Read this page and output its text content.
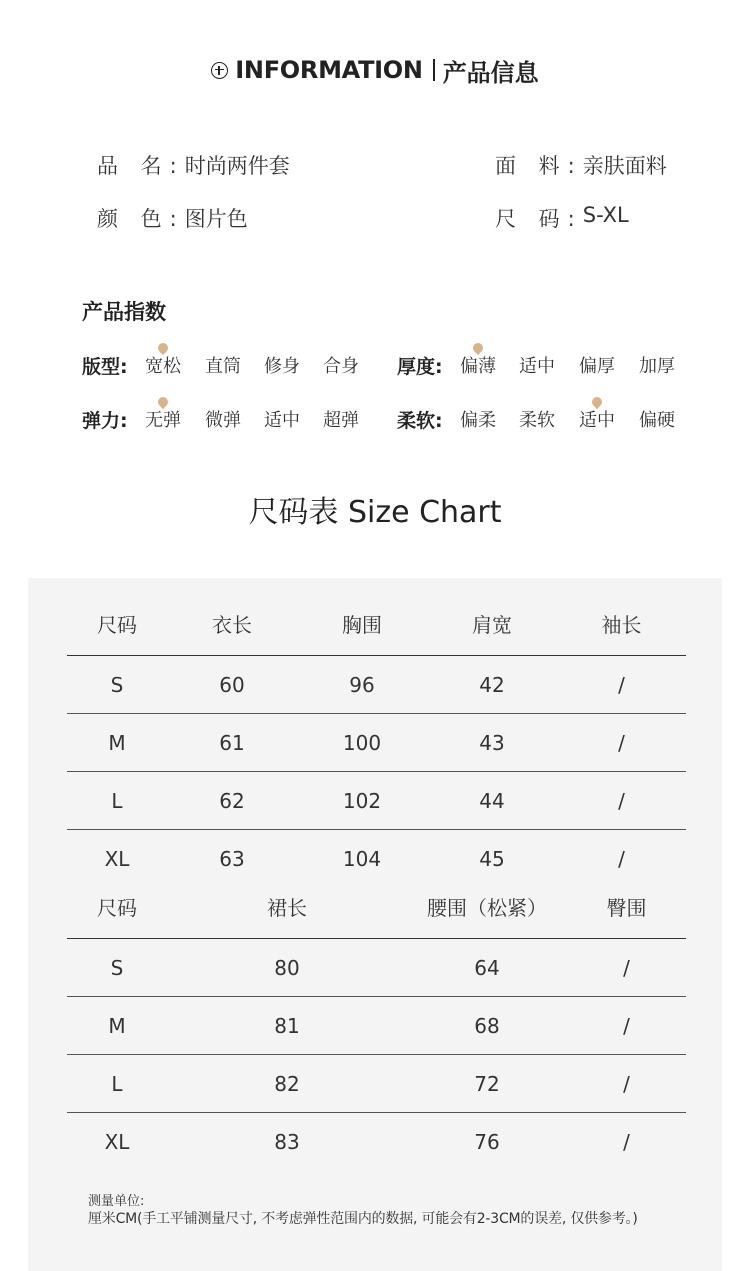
INFORMATION 产品信息
品 名: 时尚两件套	面 料: 亲肤面料
颜 色: 图片色	尺 码: S-XL
产品指数
版型:	厚度:
宽松 直筒 修身 合身	偏薄 适中 偏厚 加厚
弹力:	柔软:
无弹 微弹 适中 超弹	偏柔 柔软 适中 偏硬
尺码表 Size Chart
尺码	衣长	胸围	肩宽	袖长
S	60	96	42	/
M	61	100	43	/
L	62	102	44	/
XL	63	104	45	/
尺码	裙长	腰围（松紧）	臀围
S	80	64	/
M	81	68	/
L	82	72	/
XL	83	76	/
测量单位:
厘米CM(手工平铺测量尺寸, 不考虑弹性范围内的数据, 可能会有2-3CM的误差, 仅供参考。)
